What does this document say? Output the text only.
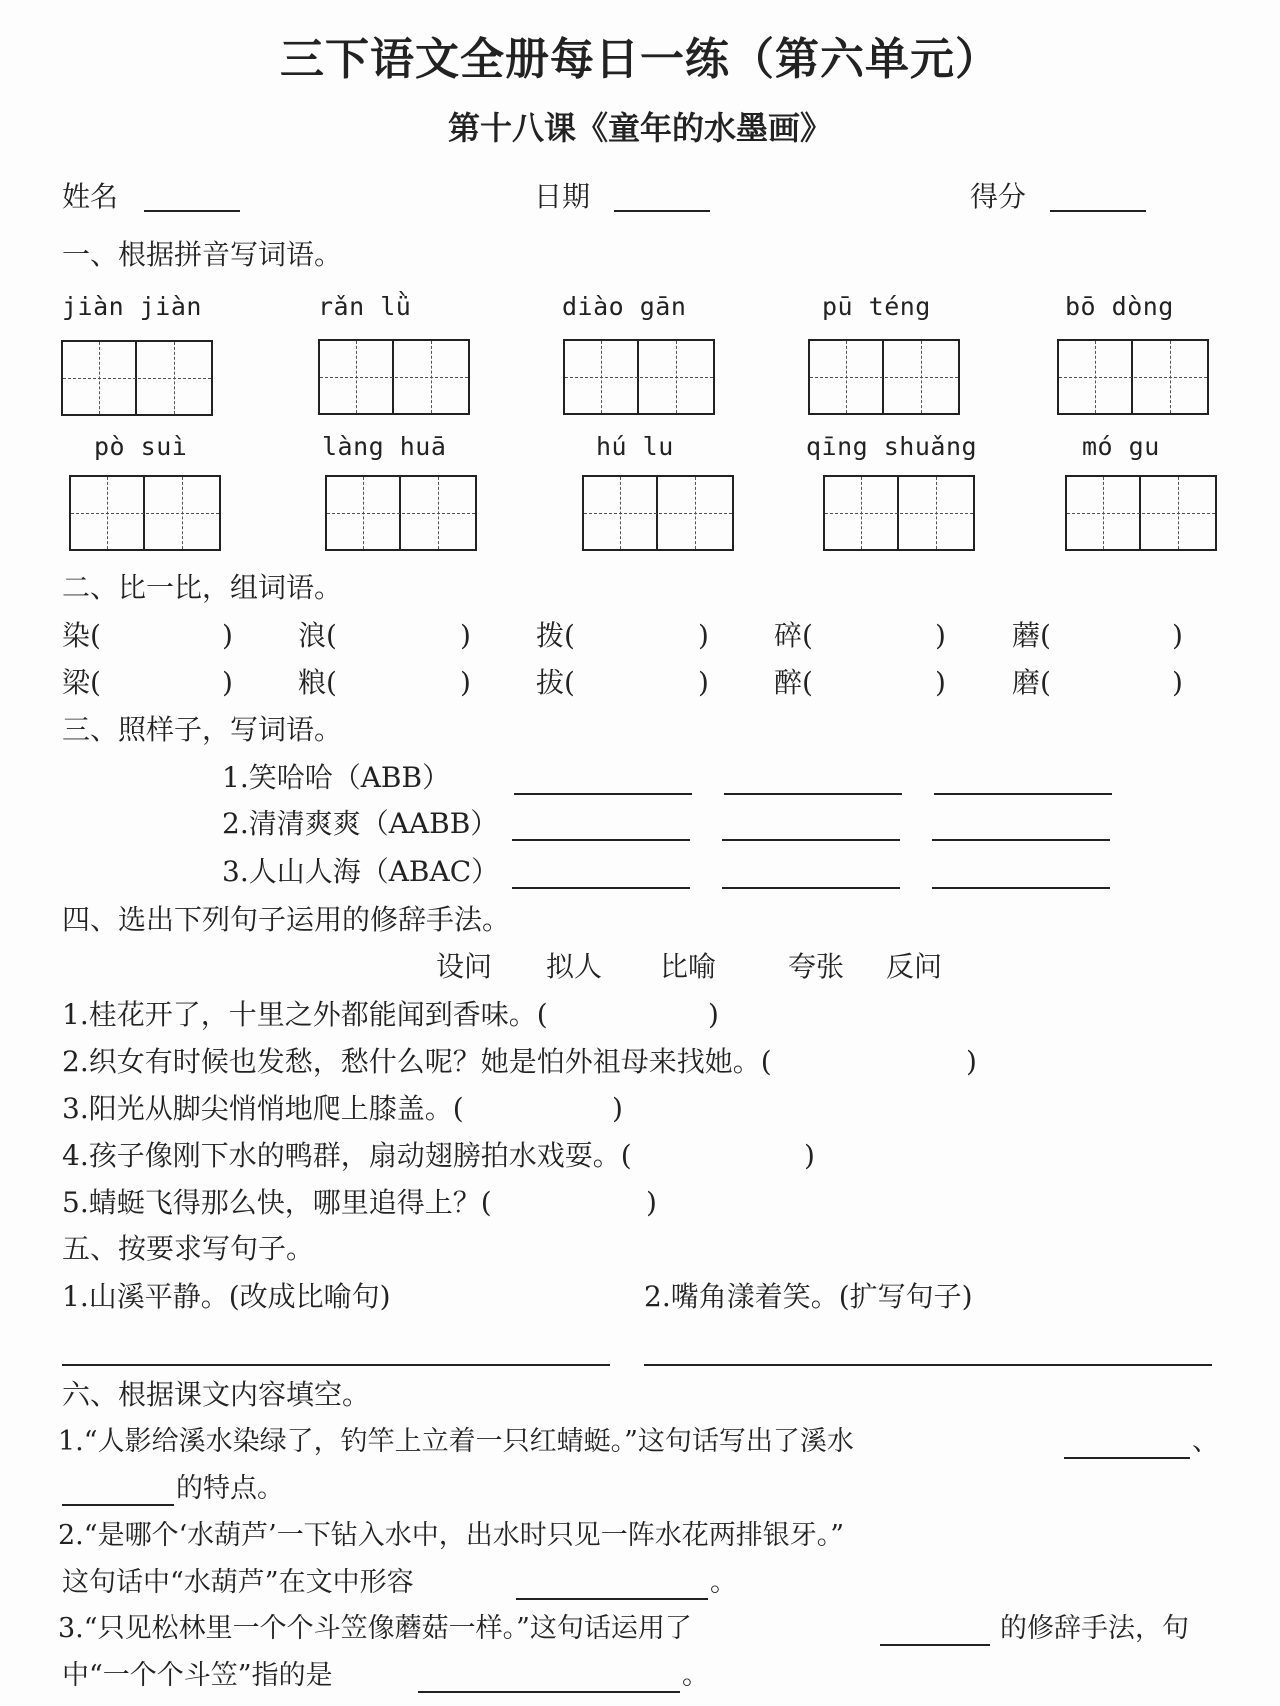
三下语文全册每日一练（第六单元）
第十八课《童年的水墨画》
姓名	日期	得分
一、根据拼音写词语。
jiàn jiàn	rǎn lǜ	diào gān	pū téng	bō dòng
pò suì	làng huā	hú lu	qīng shuǎng	mó gu
二、比一比，组词语。
染(	) 浪(	) 拨(	) 碎(	) 蘑(	)
梁(	) 粮(	) 拔(	) 醉(	) 磨(	)
三、照样子，写词语。
1.笑哈哈（ABB）
2.清清爽爽（AABB）
3.人山人海（ABAC）
四、选出下列句子运用的修辞手法。
设问 拟人 比喻	夸张 反问
1.桂花开了，十里之外都能闻到香味。(	)
2.织女有时候也发愁，愁什么呢？她是怕外祖母来找她。(	)
3.阳光从脚尖悄悄地爬上膝盖。(	)
4.孩子像刚下水的鸭群，扇动翅膀拍水戏耍。(	)
5.蜻蜓飞得那么快，哪里追得上？(	)
五、按要求写句子。
1.山溪平静。(改成比喻句)	2.嘴角漾着笑。(扩写句子)
六、根据课文内容填空。
1.“人影给溪水染绿了，钓竿上立着一只红蜻蜓。”这句话写出了溪水	、
的特点。
2.“是哪个‘水葫芦’一下钻入水中，出水时只见一阵水花两排银牙。”
这句话中“水葫芦”在文中形容	。
3.“只见松林里一个个斗笠像蘑菇一样。”这句话运用了	的修辞手法，句
中“一个个斗笠”指的是	。
